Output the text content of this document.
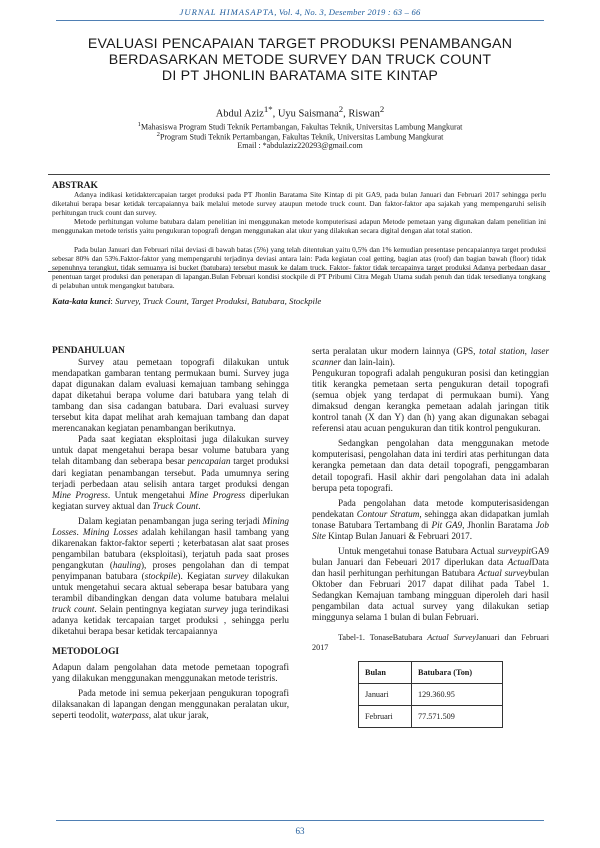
JURNAL HIMASAPTA, Vol. 4, No. 3, Desember 2019 : 63 – 66
EVALUASI PENCAPAIAN TARGET PRODUKSI PENAMBANGAN
BERDASARKAN METODE SURVEY DAN TRUCK COUNT
DI PT JHONLIN BARATAMA SITE KINTAP
Abdul Aziz$^{1*}$, Uyu Saismana$^2$, Riswan$^2$
$^1$Mahasiswa Program Studi Teknik Pertambangan, Fakultas Teknik, Universitas Lambung Mangkurat
$^2$Program Studi Teknik Pertambangan, Fakultas Teknik, Universitas Lambung Mangkurat
Email : *abdulaziz220293@gmail.com
ABSTRAK

Adanya indikasi ketidaktercapaian target produksi pada PT Jhonlin Baratama Site Kintap di pit GA9, pada bulan Januari dan Februari 2017 sehingga perlu diketahui berapa besar ketidak tercapaiannya baik melalui metode survey ataupun metode truck count. Dan faktor-faktor apa sajakah yang mempengaruhi selisih perhitungan truck count dan survey.

Metode perhitungan volume batubara dalam penelitian ini menggunakan metode komputerisasi adapun Metode pemetaan yang digunakan dalam penelitian ini menggunakan metode teristis yaitu pengukuran topografi dengan menggunakan alat ukur yang dilakukan secara digital dengan alat total station.

Pada bulan Januari dan Februari nilai deviasi di bawah batas (5%) yang telah ditentukan yaitu 0,5% dan 1% kemudian presentase pencapaiannya target produksi sebesar 80% dan 53%.Faktor-faktor yang mempengaruhi terjadinya deviasi antara lain: Pada kegiatan coal getting, bagian atas (roof) dan bagian bawah (floor) tidak sepenuhnya terangkut, tidak semuanya isi bucket (batubara) tersebut masuk ke dalam truck. Faktor- faktor tidak tercapainya target produksi Adanya perbedaan dasar penentuan target produksi dan penerapan di lapangan.Bulan Februari kondisi stockpile di PT Pribumi Citra Megah Utama sudah penuh dan tidak tersedianya tongkang di pelabuhan untuk mengangkut batubara.

Kata-kata kunci: Survey, Truck Count, Target Produksi, Batubara, Stockpile
PENDAHULUAN

Survey atau pemetaan topografi dilakukan untuk mendapatkan gambaran tentang permukaan bumi. Survey juga dapat digunakan dalam evaluasi kemajuan tambang sehingga dapat diketahui berapa volume dari batubara yang telah di tambang dan sisa cadangan batubara. Dari evaluasi survey tersebut kita dapat melihat arah kemajuan tambang dan dapat merencanakan kegiatan penambangan berikutnya.

Pada saat kegiatan eksploitasi juga dilakukan survey untuk dapat mengetahui berapa besar volume batubara yang telah ditambang dan seberapa besar pencapaian target produksi dari kegiatan penambangan tersebut. Pada umumnya sering terjadi perbedaan atau selisih antara target produksi dengan Mine Progress. Untuk mengetahui Mine Progress diperlukan kegiatan survey aktual dan Truck Count.

Dalam kegiatan penambangan juga sering terjadi Mining Losses. Mining Losses adalah kehilangan hasil tambang yang dikarenakan faktor-faktor seperti ; keterbatasan alat saat proses pengambilan batubara (eksploitasi), terjatuh pada saat proses pengangkutan (hauling), proses pengolahan dan di tempat penyimpanan batubara (stockpile). Kegiatan survey dilakukan untuk mengetahui secara aktual seberapa besar batubara yang terambil dibandingkan dengan data volume batubara melalui truck count. Selain pentingnya kegiatan survey juga terindikasi adanya ketidak tercapaian target produksi , sehingga perlu diketahui berapa besar ketidak tercapaiannya

METODOLOGI

Adapun dalam pengolahan data metode pemetaan topografi yang dilakukan menggunakan menggunakan metode teristris.

Pada metode ini semua pekerjaan pengukuran topografi dilaksanakan di lapangan dengan menggunakan peralatan ukur, seperti teodolit, waterpass, alat ukur jarak,

serta peralatan ukur modern lainnya (GPS, total station, laser scanner dan lain-lain).

Pengukuran topografi adalah pengukuran posisi dan ketinggian titik kerangka pemetaan serta pengukuran detail topografi (semua objek yang terdapat di permukaan bumi). Yang dimaksud dengan kerangka pemetaan adalah jaringan titik kontrol tanah (X dan Y) dan (h) yang akan digunakan sebagai referensi atau acuan pengukuran dan titik kontrol pengukuran.

Sedangkan pengolahan data menggunakan metode komputerisasi, pengolahan data ini terdiri atas perhitungan data kerangka pemetaan dan data detail topografi, penggambaran detail topografi. Hasil akhir dari pengolahan data ini adalah berupa peta topografi.

Pada pengolahan data metode komputerisasidengan pendekatan Contour Stratum, sehingga akan didapatkan jumlah tonase Batubara Tertambang di Pit GA9, Jhonlin Baratama Job Site Kintap Bulan Januari & Februari 2017.

Untuk mengetahui tonase Batubara Actual surveypitGA9 bulan Januari dan Febeuari 2017 diperlukan data ActualData dan hasil perhitungan perhitungan Batubara Actual surveybulan Oktober dan Februari 2017 dapat dilihat pada Tabel 1. Sedangkan Kemajuan tambang mingguan diperoleh dari hasil pengambilan data actual survey yang dilakukan setiap minggunya selama 1 bulan di bulan Februari.

Tabel-1. TonaseBatubara Actual SurveyJanuari dan Februari 2017

Bulan	Batubara (Ton)
Januari	129.360.95
Februari	77.571.509
63
